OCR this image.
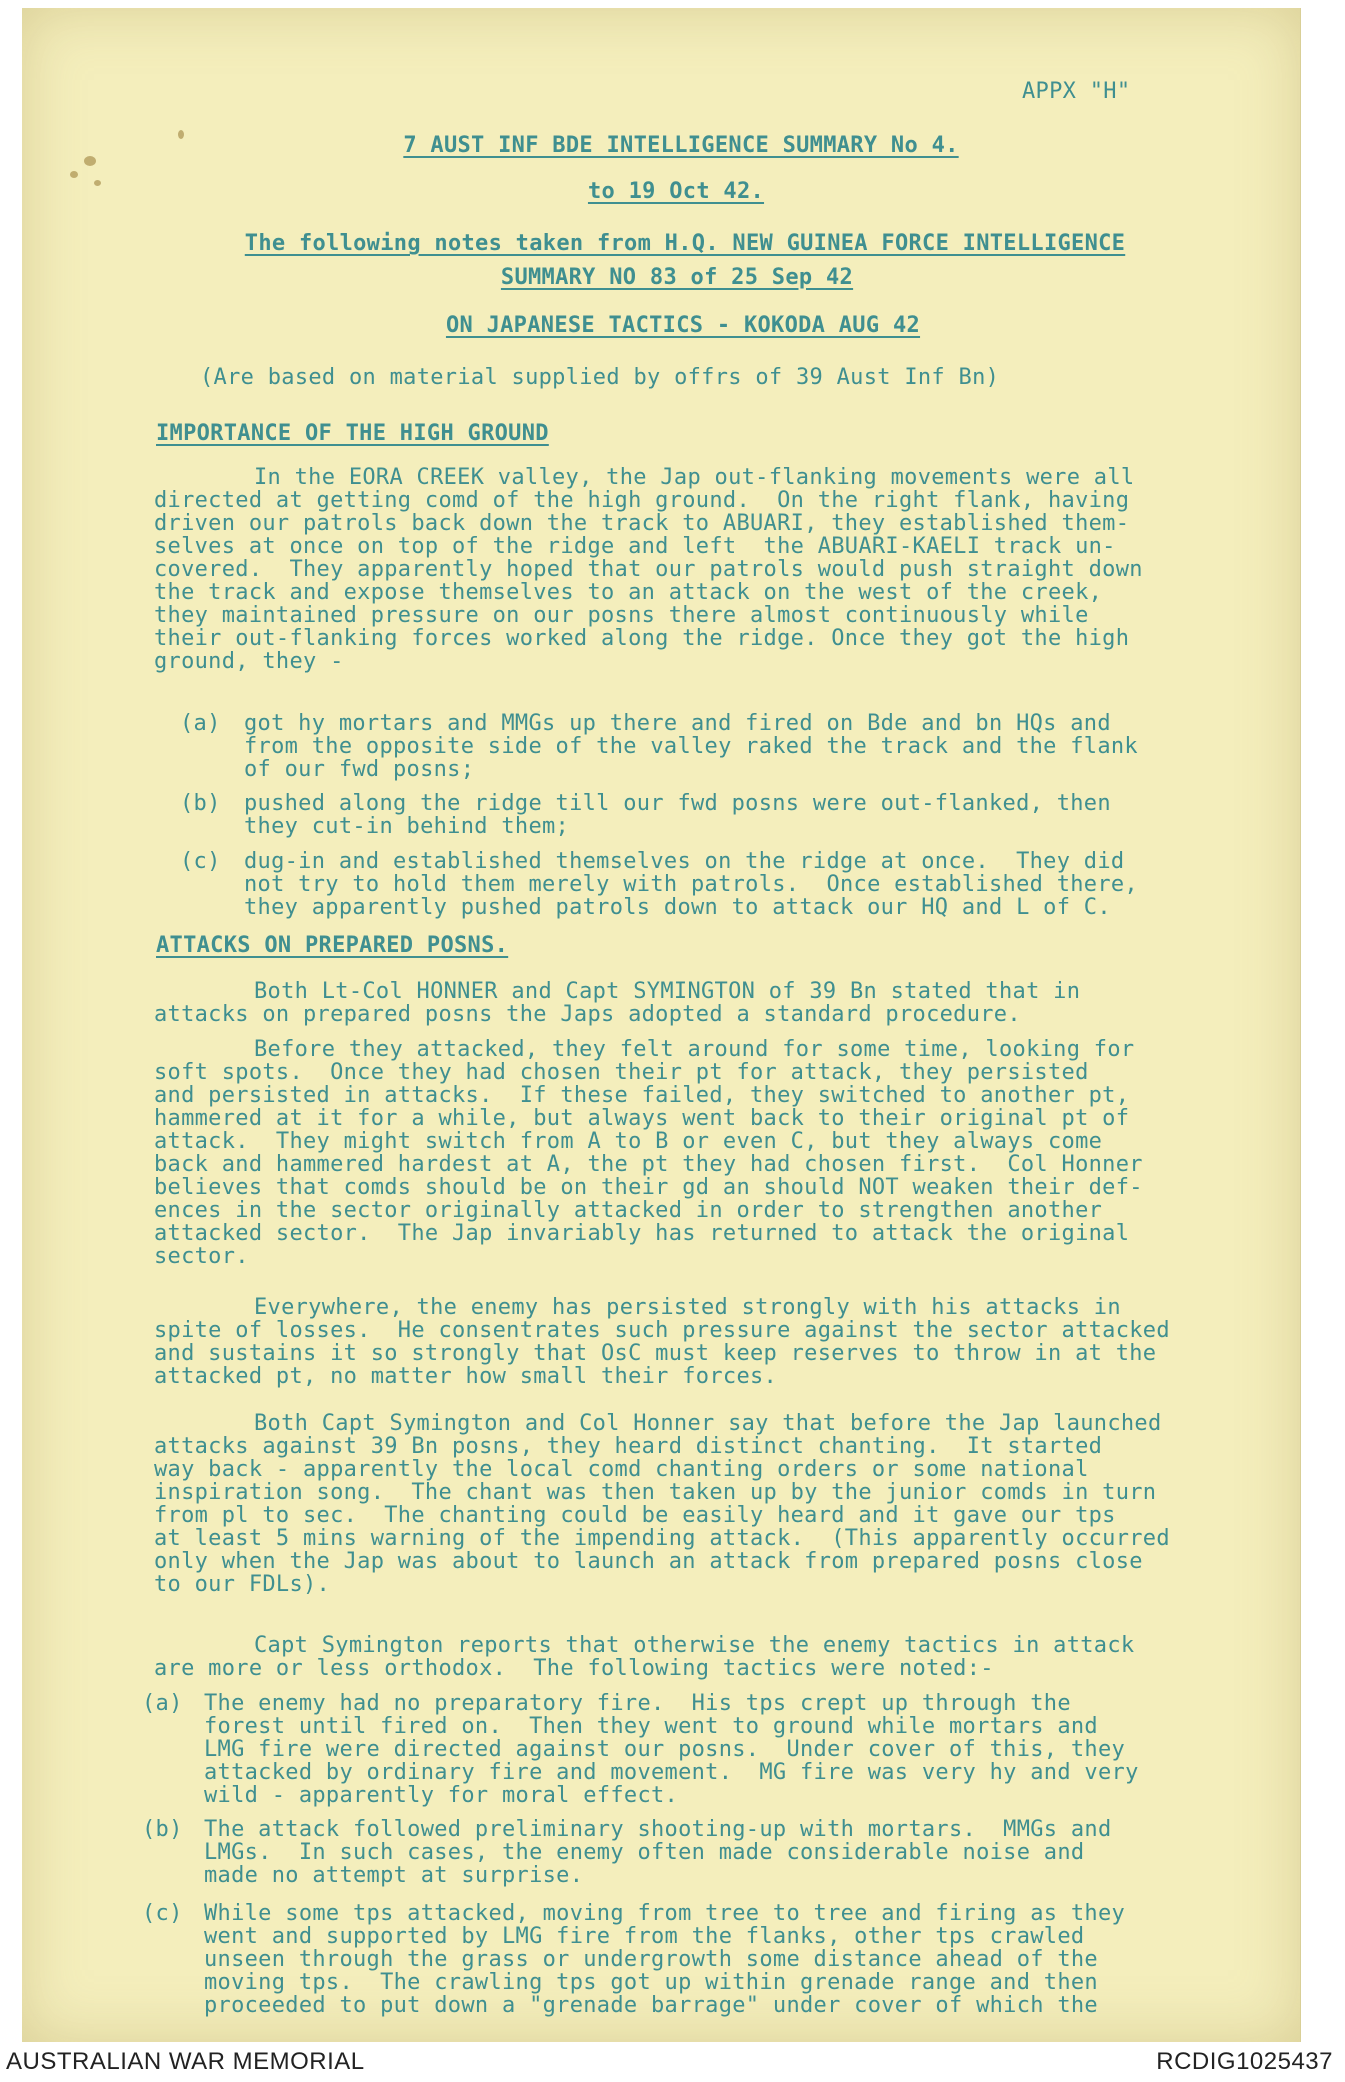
APPX "H"
7 AUST INF BDE INTELLIGENCE SUMMARY No 4.
to 19 Oct 42.
The following notes taken from H.Q. NEW GUINEA FORCE INTELLIGENCE
SUMMARY NO 83 of 25 Sep 42
ON JAPANESE TACTICS - KOKODA AUG 42
(Are based on material supplied by offrs of 39 Aust Inf Bn)
IMPORTANCE OF THE HIGH GROUND
In the EORA CREEK valley, the Jap out-flanking movements were all
directed at getting comd of the high ground.  On the right flank, having
driven our patrols back down the track to ABUARI, they established them-
selves at once on top of the ridge and left  the ABUARI-KAELI track un-
covered.  They apparently hoped that our patrols would push straight down
the track and expose themselves to an attack on the west of the creek,
they maintained pressure on our posns there almost continuously while
their out-flanking forces worked along the ridge. Once they got the high
ground, they -
(a) got hy mortars and MMGs up there and fired on Bde and bn HQs and
from the opposite side of the valley raked the track and the flank
of our fwd posns;
(b) pushed along the ridge till our fwd posns were out-flanked, then
they cut-in behind them;
(c) dug-in and established themselves on the ridge at once.  They did
not try to hold them merely with patrols.  Once established there,
they apparently pushed patrols down to attack our HQ and L of C.
ATTACKS ON PREPARED POSNS.
Both Lt-Col HONNER and Capt SYMINGTON of 39 Bn stated that in
attacks on prepared posns the Japs adopted a standard procedure.
Before they attacked, they felt around for some time, looking for
soft spots.  Once they had chosen their pt for attack, they persisted
and persisted in attacks.  If these failed, they switched to another pt,
hammered at it for a while, but always went back to their original pt of
attack.  They might switch from A to B or even C, but they always come
back and hammered hardest at A, the pt they had chosen first.  Col Honner
believes that comds should be on their gd an should NOT weaken their def-
ences in the sector originally attacked in order to strengthen another
attacked sector.  The Jap invariably has returned to attack the original
sector.
Everywhere, the enemy has persisted strongly with his attacks in
spite of losses.  He consentrates such pressure against the sector attacked
and sustains it so strongly that OsC must keep reserves to throw in at the
attacked pt, no matter how small their forces.
Both Capt Symington and Col Honner say that before the Jap launched
attacks against 39 Bn posns, they heard distinct chanting.  It started
way back - apparently the local comd chanting orders or some national
inspiration song.  The chant was then taken up by the junior comds in turn
from pl to sec.  The chanting could be easily heard and it gave our tps
at least 5 mins warning of the impending attack.  (This apparently occurred
only when the Jap was about to launch an attack from prepared posns close
to our FDLs).
Capt Symington reports that otherwise the enemy tactics in attack
are more or less orthodox.  The following tactics were noted:-
(a) The enemy had no preparatory fire.  His tps crept up through the
forest until fired on.  Then they went to ground while mortars and
LMG fire were directed against our posns.  Under cover of this, they
attacked by ordinary fire and movement.  MG fire was very hy and very
wild - apparently for moral effect.
(b) The attack followed preliminary shooting-up with mortars.  MMGs and
LMGs.  In such cases, the enemy often made considerable noise and
made no attempt at surprise.
(c) While some tps attacked, moving from tree to tree and firing as they
went and supported by LMG fire from the flanks, other tps crawled
unseen through the grass or undergrowth some distance ahead of the
moving tps.  The crawling tps got up within grenade range and then
proceeded to put down a "grenade barrage" under cover of which the
AUSTRALIAN WAR MEMORIAL	RCDIG1025437
